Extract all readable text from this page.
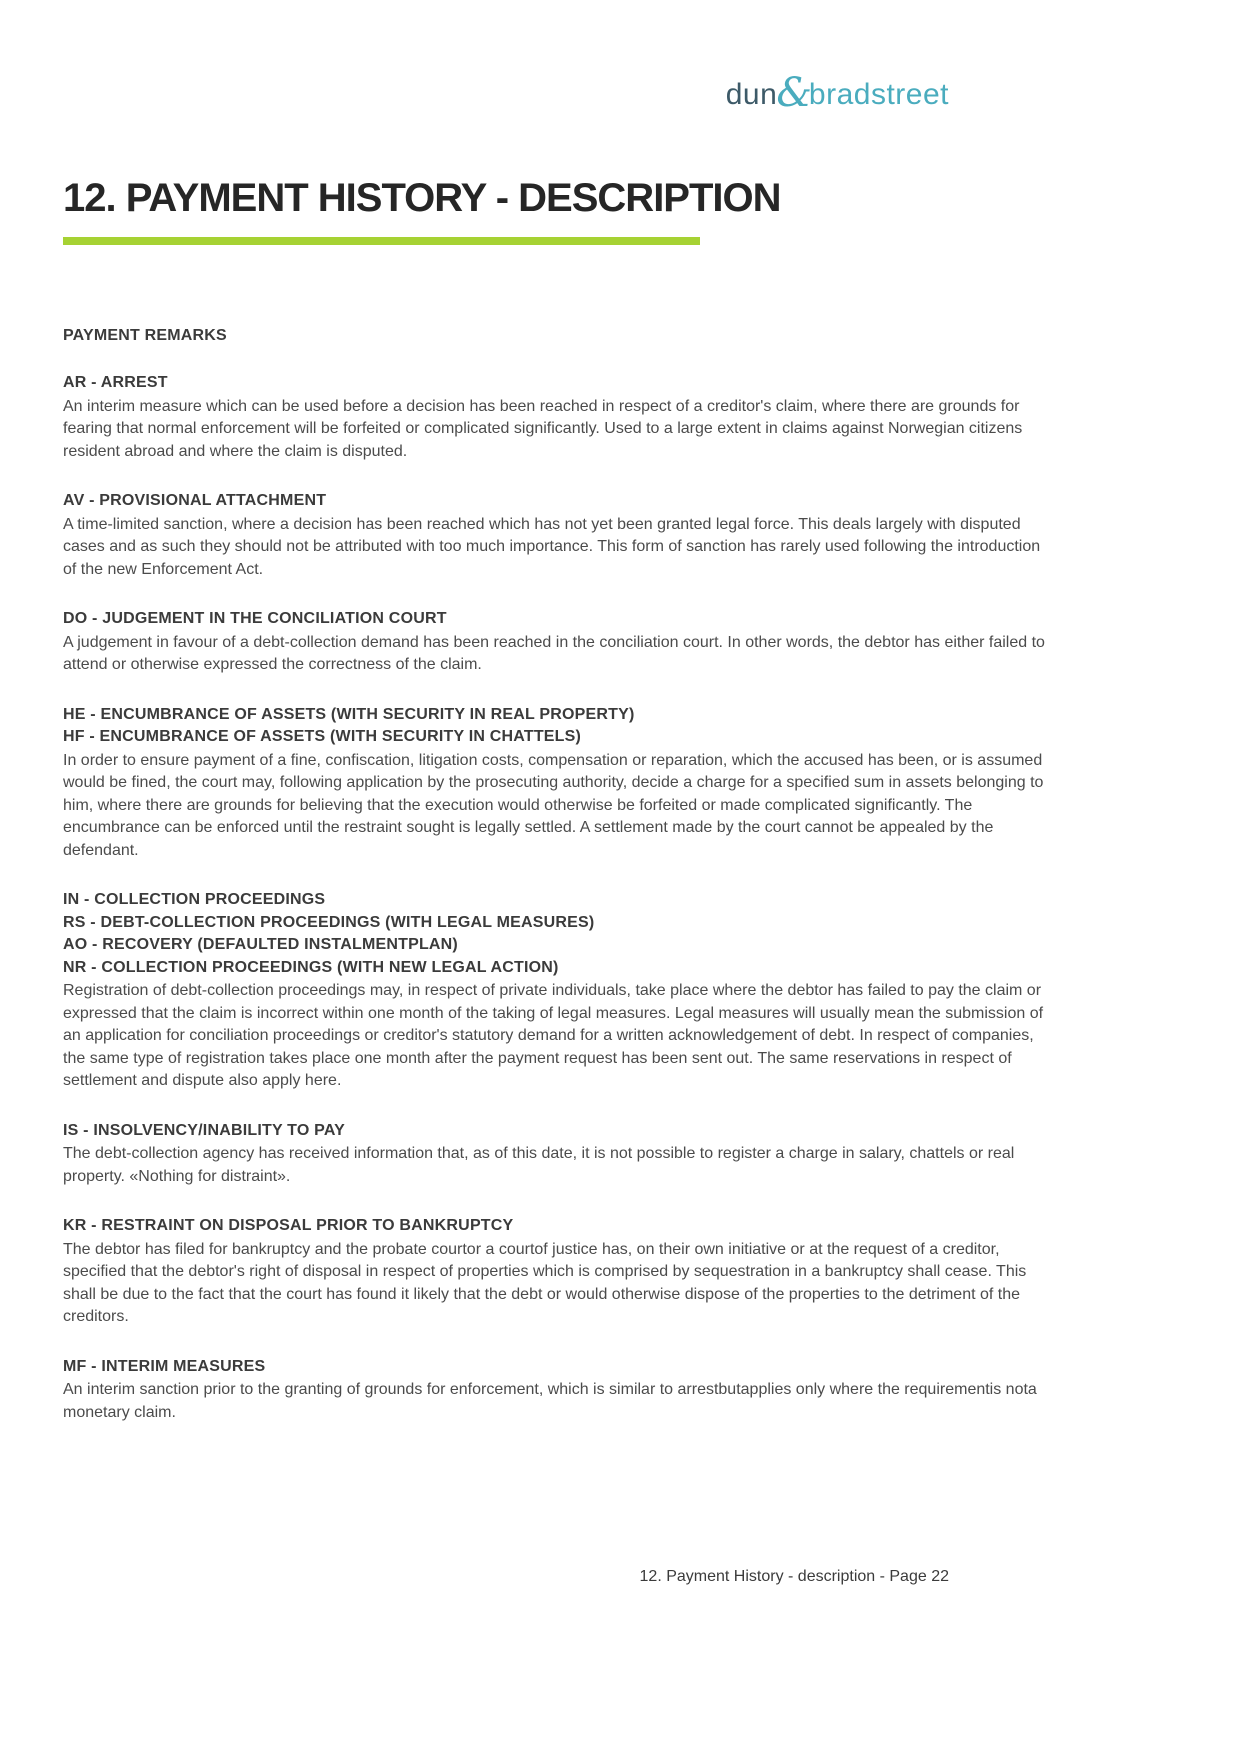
dun &
bradstreet
12. PAYMENT HISTORY - DESCRIPTION
PAYMENT REMARKS
AR - ARREST

An interim measure which can be used before a decision has been reached in respect of a creditor's claim, where there are grounds for fearing that normal enforcement will be forfeited or complicated significantly. Used to a large extent in claims against Norwegian citizens resident abroad and where the claim is disputed.

AV - PROVISIONAL ATTACHMENT

A time-limited sanction, where a decision has been reached which has not yet been granted legal force. This deals largely with disputed cases and as such they should not be attributed with too much importance. This form of sanction has rarely used following the introduction of the new Enforcement Act.

DO - JUDGEMENT IN THE CONCILIATION COURT

A judgement in favour of a debt-collection demand has been reached in the conciliation court. In other words, the debtor has either failed to attend or otherwise expressed the correctness of the claim.

HE - ENCUMBRANCE OF ASSETS (WITH SECURITY IN REAL PROPERTY)
HF - ENCUMBRANCE OF ASSETS (WITH SECURITY IN CHATTELS)

In order to ensure payment of a fine, confiscation, litigation costs, compensation or reparation, which the accused has been, or is assumed would be fined, the court may, following application by the prosecuting authority, decide a charge for a specified sum in assets belonging to him, where there are grounds for believing that the execution would otherwise be forfeited or made complicated significantly. The encumbrance can be enforced until the restraint sought is legally settled. A settlement made by the court cannot be appealed by the defendant.

IN - COLLECTION PROCEEDINGS
RS - DEBT-COLLECTION PROCEEDINGS (WITH LEGAL MEASURES)
AO - RECOVERY (DEFAULTED INSTALMENTPLAN)
NR - COLLECTION PROCEEDINGS (WITH NEW LEGAL ACTION)

Registration of debt-collection proceedings may, in respect of private individuals, take place where the debtor has failed to pay the claim or expressed that the claim is incorrect within one month of the taking of legal measures. Legal measures will usually mean the submission of an application for conciliation proceedings or creditor's statutory demand for a written acknowledgement of debt. In respect of companies, the same type of registration takes place one month after the payment request has been sent out. The same reservations in respect of settlement and dispute also apply here.

IS - INSOLVENCY/INABILITY TO PAY

The debt-collection agency has received information that, as of this date, it is not possible to register a charge in salary, chattels or real property. «Nothing for distraint».

KR - RESTRAINT ON DISPOSAL PRIOR TO BANKRUPTCY

The debtor has filed for bankruptcy and the probate courtor a courtof justice has, on their own initiative or at the request of a creditor, specified that the debtor's right of disposal in respect of properties which is comprised by sequestration in a bankruptcy shall cease. This shall be due to the fact that the court has found it likely that the debt or would otherwise dispose of the properties to the detriment of the creditors.

MF - INTERIM MEASURES

An interim sanction prior to the granting of grounds for enforcement, which is similar to arrestbutapplies only where the requirementis nota monetary claim.

12. Payment History - description - Page 22
